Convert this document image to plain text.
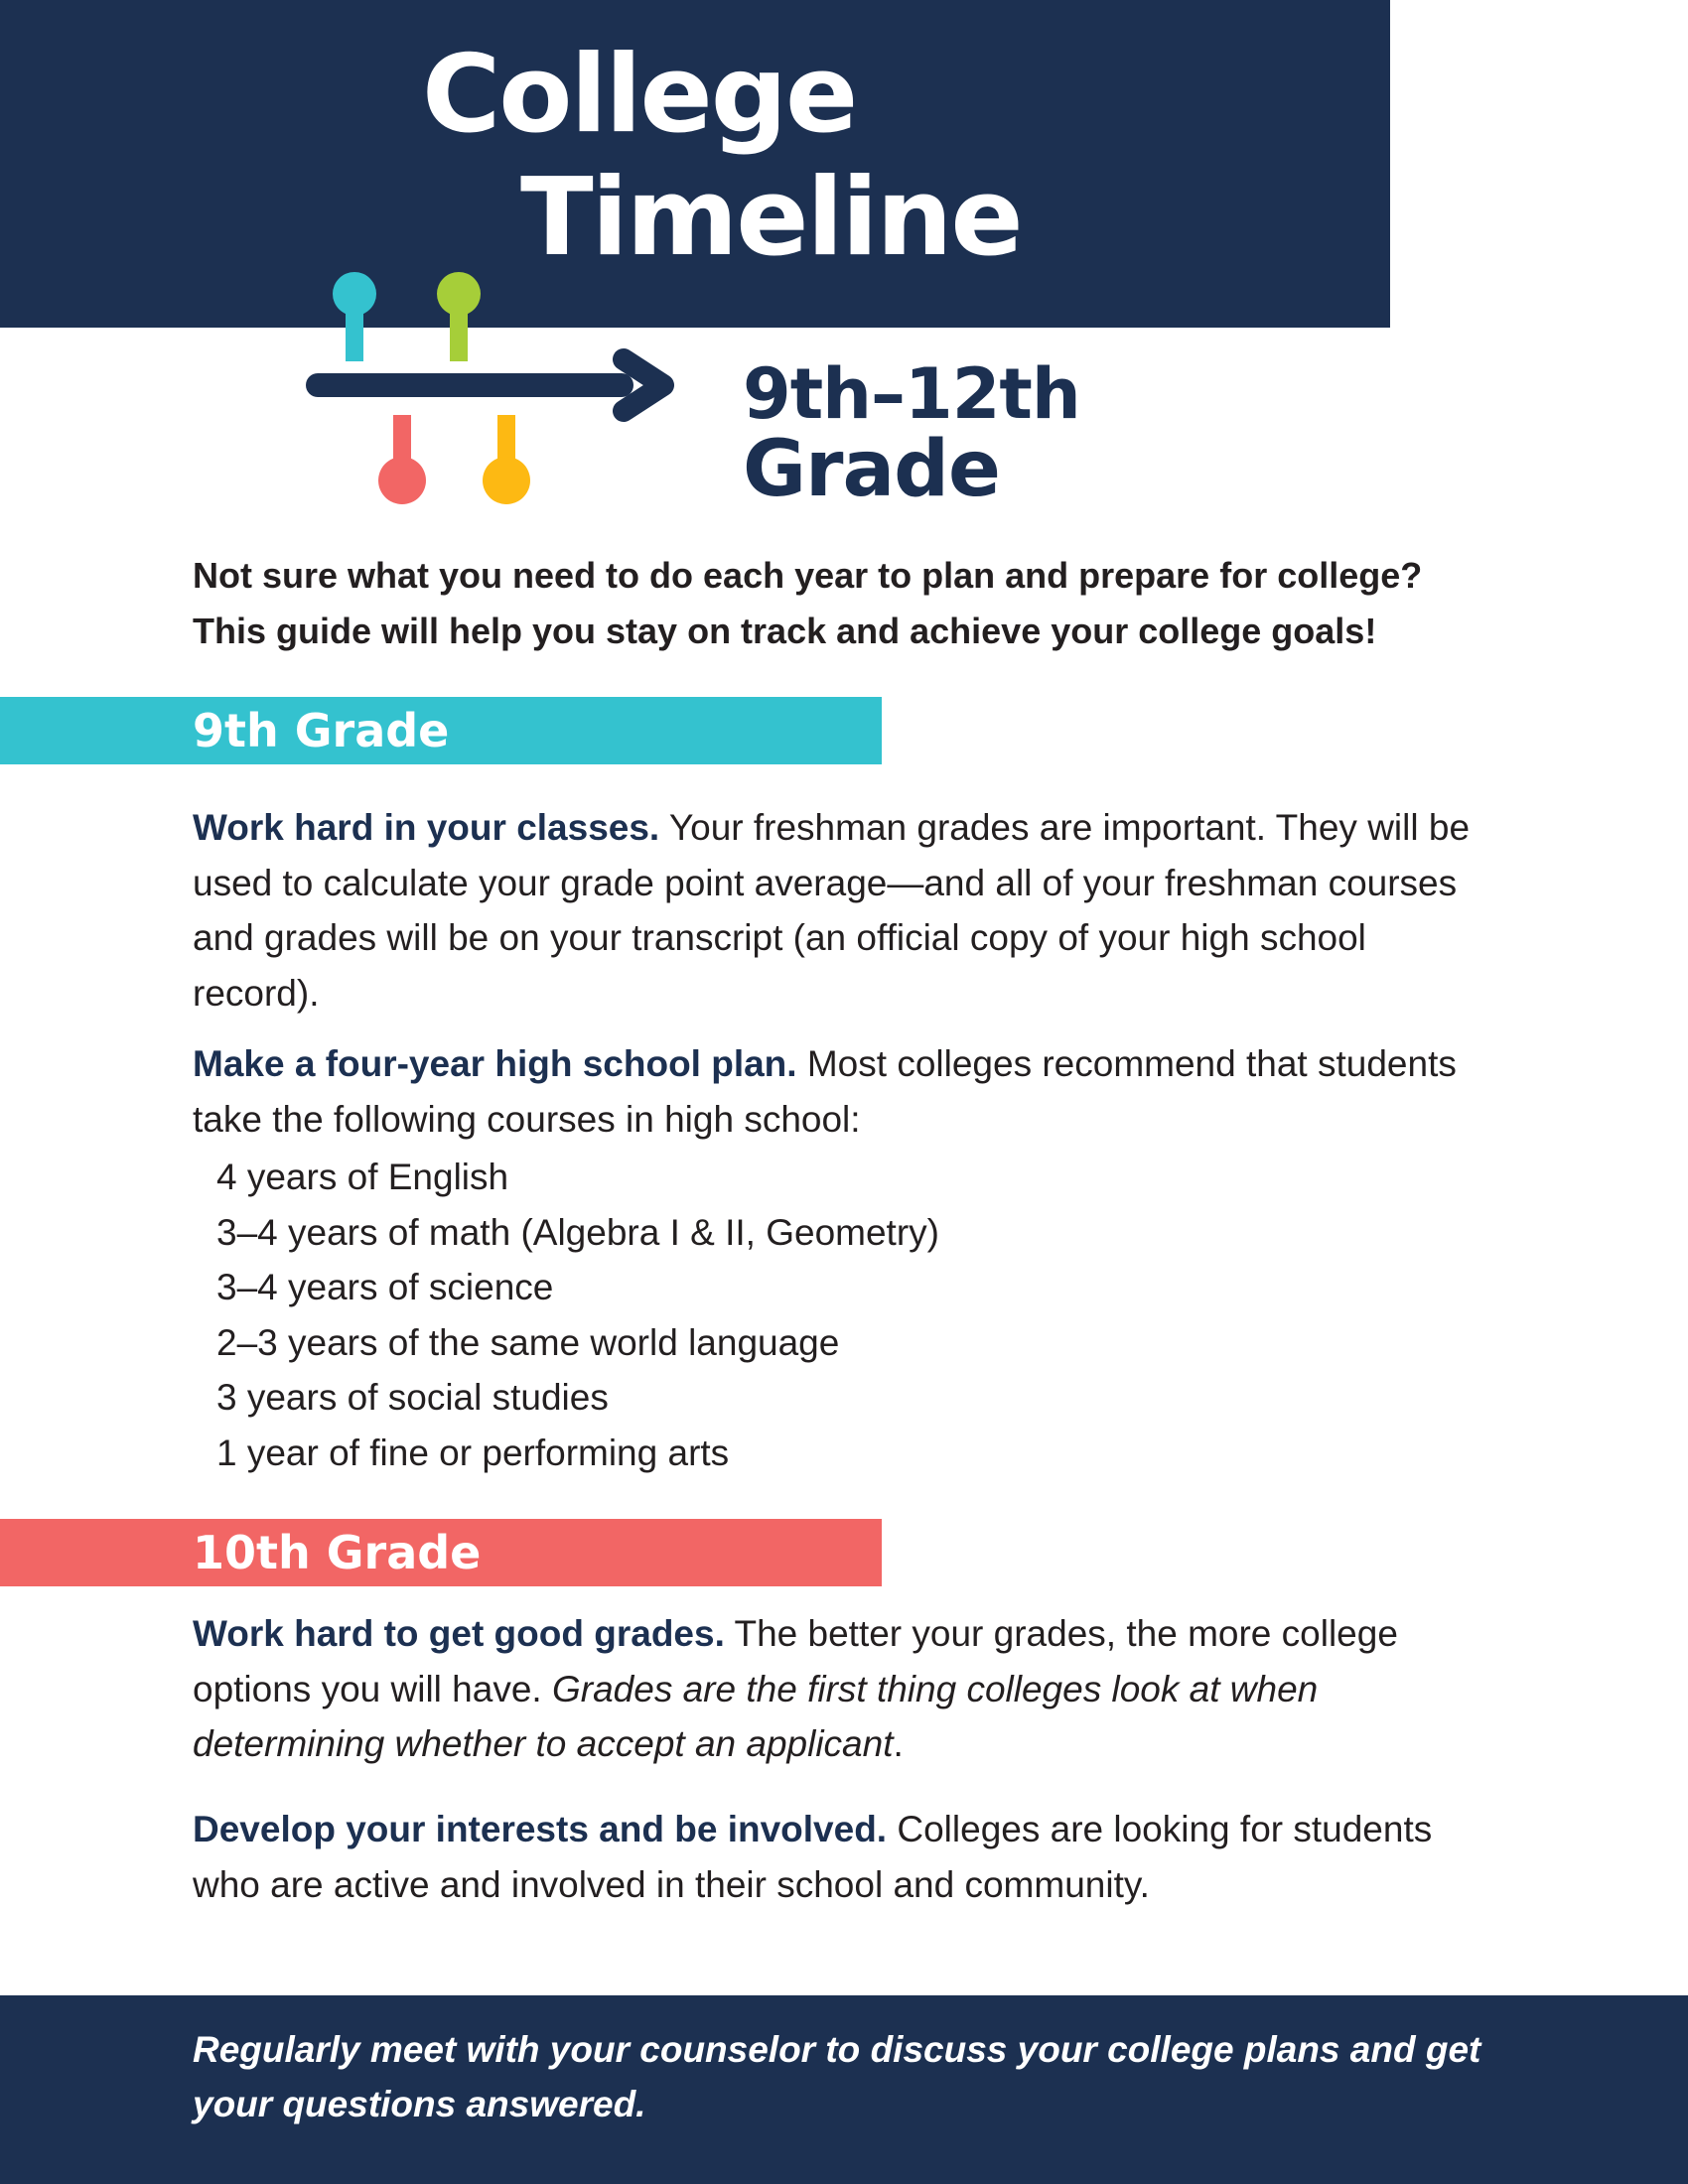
College
Timeline
9th–12th
Grade
Not sure what you need to do each year to plan and prepare for college?
This guide will help you stay on track and achieve your college goals!
9th Grade
Work hard in your classes. Your freshman grades are important. They will be used to calculate your grade point average—and all of your freshman courses and grades will be on your transcript (an official copy of your high school record).
Make a four-year high school plan. Most colleges recommend that students take the following courses in high school:
4 years of English
3–4 years of math (Algebra I & II, Geometry)
3–4 years of science
2–3 years of the same world language
3 years of social studies
1 year of fine or performing arts
10th Grade
Work hard to get good grades. The better your grades, the more college options you will have. Grades are the first thing colleges look at when determining whether to accept an applicant.
Develop your interests and be involved. Colleges are looking for students who are active and involved in their school and community.
Regularly meet with your counselor to discuss your college plans and get your questions answered.
